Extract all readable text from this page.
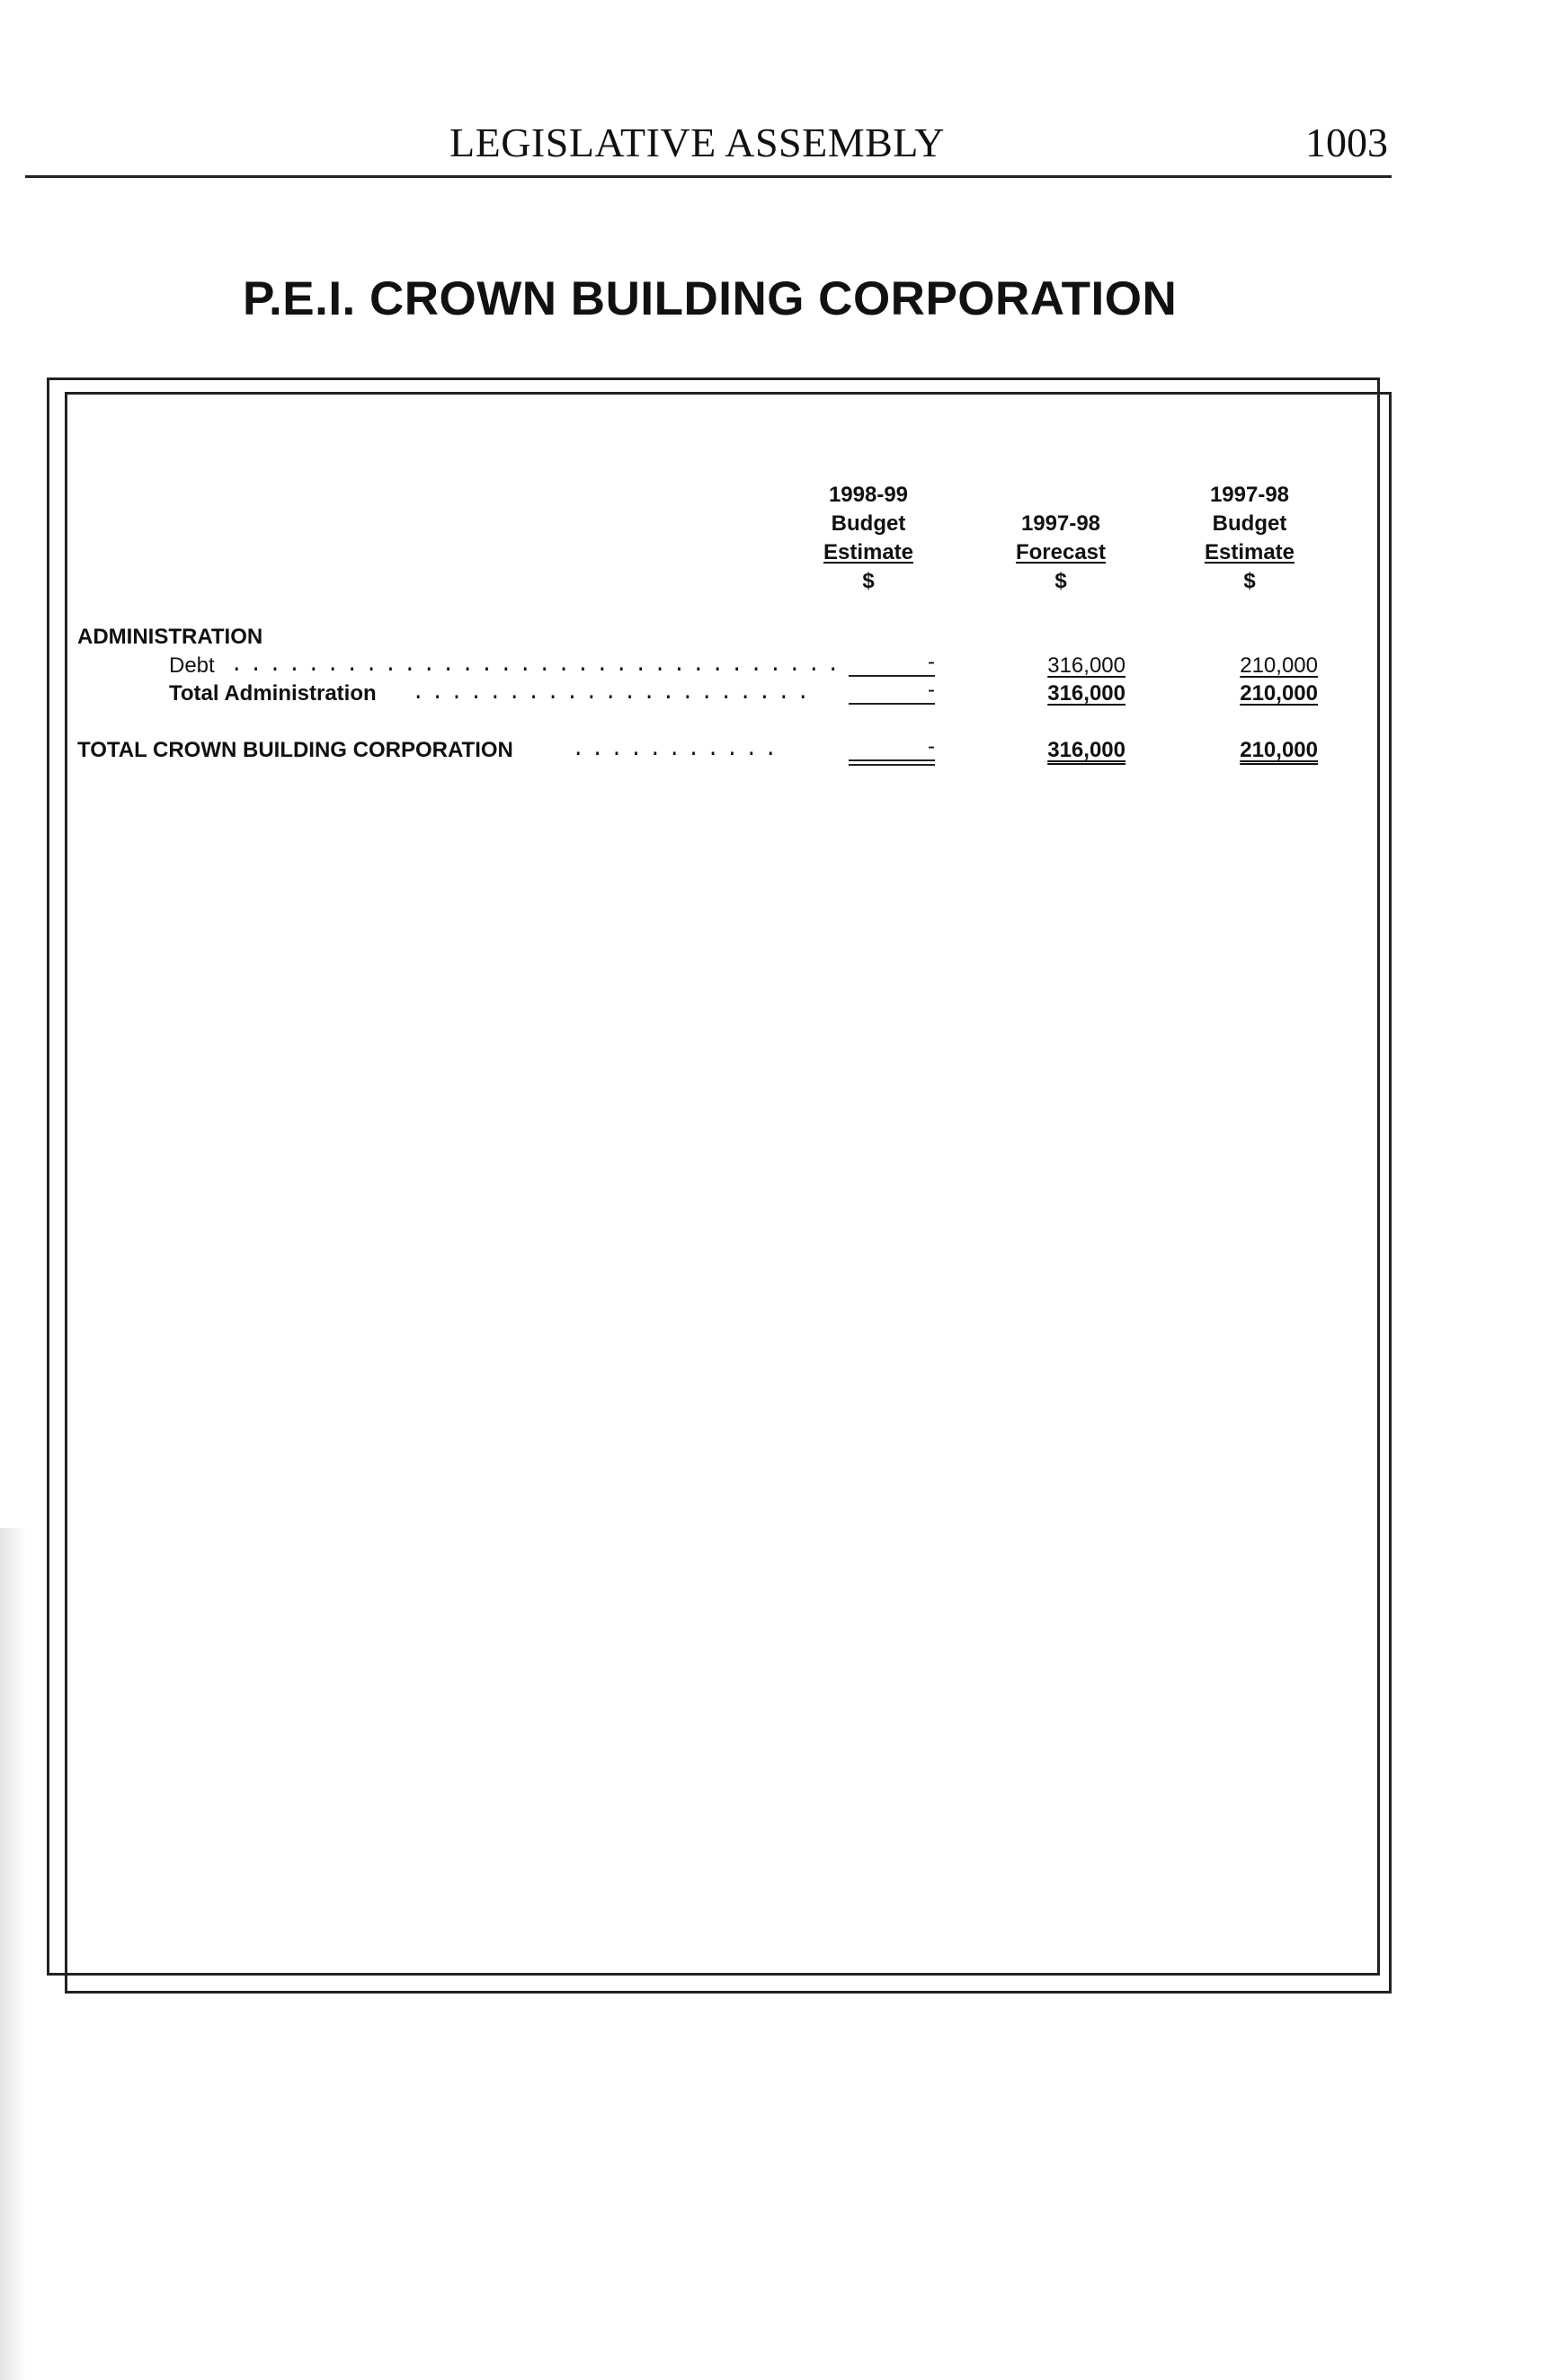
LEGISLATIVE ASSEMBLY	1003
P.E.I. CROWN BUILDING CORPORATION
1998-99
Budget
Estimate
$
1997-98
Forecast
$
1997-98
Budget
Estimate
$
ADMINISTRATION
Debt ................................	-	316,000	210,000
Total Administration .....................	-	316,000	210,000
TOTAL CROWN BUILDING CORPORATION	...........	-	316,000	210,000
